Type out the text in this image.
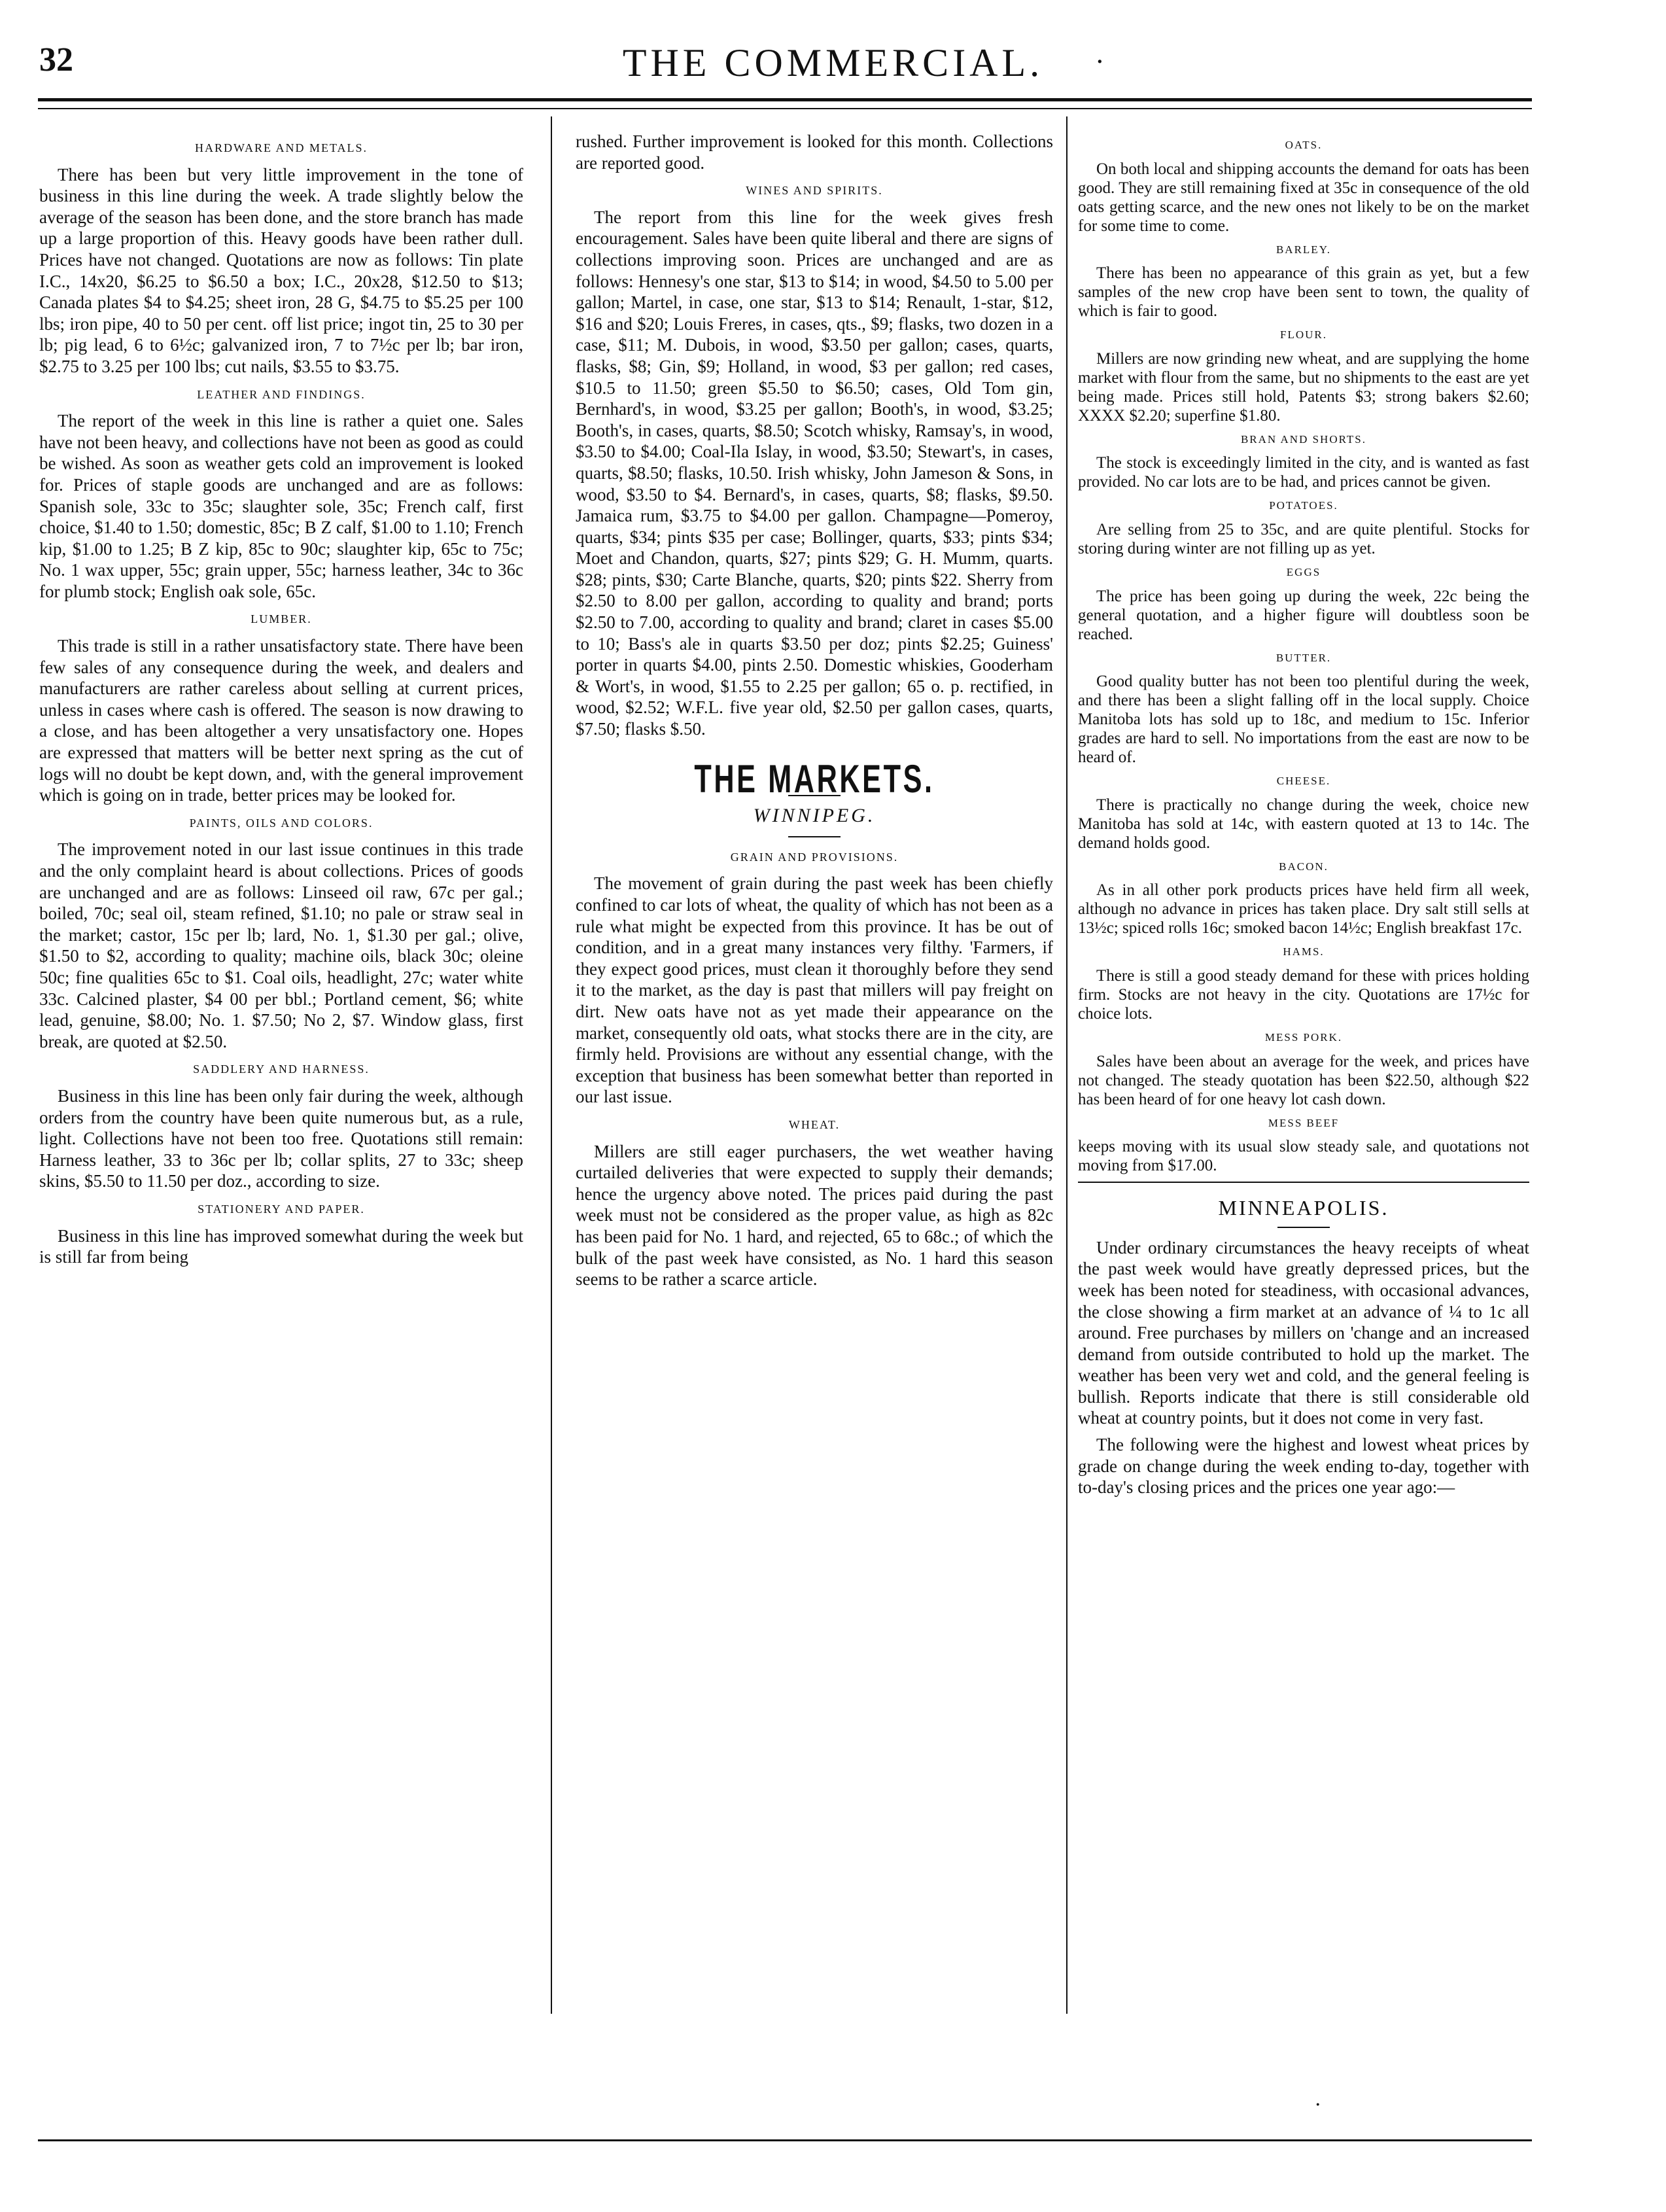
32	THE COMMERCIAL.	·
HARDWARE AND METALS.

There has been but very little improvement in the tone of business in this line during the week. A trade slightly below the average of the season has been done, and the store branch has made up a large proportion of this. Heavy goods have been rather dull. Prices have not changed. Quotations are now as follows: Tin plate I.C., 14x20, $6.25 to $6.50 a box; I.C., 20x28, $12.50 to $13; Canada plates $4 to $4.25; sheet iron, 28 G, $4.75 to $5.25 per 100 lbs; iron pipe, 40 to 50 per cent. off list price; ingot tin, 25 to 30 per lb; pig lead, 6 to 6½c; galvanized iron, 7 to 7½c per lb; bar iron, $2.75 to 3.25 per 100 lbs; cut nails, $3.55 to $3.75.

LEATHER AND FINDINGS.

The report of the week in this line is rather a quiet one. Sales have not been heavy, and collections have not been as good as could be wished. As soon as weather gets cold an improvement is looked for. Prices of staple goods are unchanged and are as follows: Spanish sole, 33c to 35c; slaughter sole, 35c; French calf, first choice, $1.40 to 1.50; domestic, 85c; B Z calf, $1.00 to 1.10; French kip, $1.00 to 1.25; B Z kip, 85c to 90c; slaughter kip, 65c to 75c; No. 1 wax upper, 55c; grain upper, 55c; harness leather, 34c to 36c for plumb stock; English oak sole, 65c.

LUMBER.

This trade is still in a rather unsatisfactory state. There have been few sales of any consequence during the week, and dealers and manufacturers are rather careless about selling at current prices, unless in cases where cash is offered. The season is now drawing to a close, and has been altogether a very unsatisfactory one. Hopes are expressed that matters will be better next spring as the cut of logs will no doubt be kept down, and, with the general improvement which is going on in trade, better prices may be looked for.

PAINTS, OILS AND COLORS.

The improvement noted in our last issue continues in this trade and the only complaint heard is about collections. Prices of goods are unchanged and are as follows: Linseed oil raw, 67c per gal.; boiled, 70c; seal oil, steam refined, $1.10; no pale or straw seal in the market; castor, 15c per lb; lard, No. 1, $1.30 per gal.; olive, $1.50 to $2, according to quality; machine oils, black 30c; oleine 50c; fine qualities 65c to $1. Coal oils, headlight, 27c; water white 33c. Calcined plaster, $4 00 per bbl.; Portland cement, $6; white lead, genuine, $8.00; No. 1. $7.50; No 2, $7. Window glass, first break, are quoted at $2.50.

SADDLERY AND HARNESS.

Business in this line has been only fair during the week, although orders from the country have been quite numerous but, as a rule, light. Collections have not been too free. Quotations still remain: Harness leather, 33 to 36c per lb; collar splits, 27 to 33c; sheep skins, $5.50 to 11.50 per doz., according to size.

STATIONERY AND PAPER.

Business in this line has improved somewhat during the week but is still far from being

rushed. Further improvement is looked for this month. Collections are reported good.

WINES AND SPIRITS.

The report from this line for the week gives fresh encouragement. Sales have been quite liberal and there are signs of collections improving soon. Prices are unchanged and are as follows: Hennesy's one star, $13 to $14; in wood, $4.50 to 5.00 per gallon; Martel, in case, one star, $13 to $14; Renault, 1-star, $12, $16 and $20; Louis Freres, in cases, qts., $9; flasks, two dozen in a case, $11; M. Dubois, in wood, $3.50 per gallon; cases, quarts, flasks, $8; Gin, $9; Holland, in wood, $3 per gallon; red cases, $10.5 to 11.50; green $5.50 to $6.50; cases, Old Tom gin, Bernhard's, in wood, $3.25 per gallon; Booth's, in wood, $3.25; Booth's, in cases, quarts, $8.50; Scotch whisky, Ramsay's, in wood, $3.50 to $4.00; Coal-Ila Islay, in wood, $3.50; Stewart's, in cases, quarts, $8.50; flasks, 10.50. Irish whisky, John Jameson & Sons, in wood, $3.50 to $4. Bernard's, in cases, quarts, $8; flasks, $9.50. Jamaica rum, $3.75 to $4.00 per gallon. Champagne—Pomeroy, quarts, $34; pints $35 per case; Bollinger, quarts, $33; pints $34; Moet and Chandon, quarts, $27; pints $29; G. H. Mumm, quarts. $28; pints, $30; Carte Blanche, quarts, $20; pints $22. Sherry from $2.50 to 8.00 per gallon, according to quality and brand; ports $2.50 to 7.00, according to quality and brand; claret in cases $5.00 to 10; Bass's ale in quarts $3.50 per doz; pints $2.25; Guiness' porter in quarts $4.00, pints 2.50. Domestic whiskies, Gooderham & Wort's, in wood, $1.55 to 2.25 per gallon; 65 o. p. rectified, in wood, $2.52; W.F.L. five year old, $2.50 per gallon cases, quarts, $7.50; flasks $.50.

THE MARKETS.
WINNIPEG.
GRAIN AND PROVISIONS.

The movement of grain during the past week has been chiefly confined to car lots of wheat, the quality of which has not been as a rule what might be expected from this province. It has be out of condition, and in a great many instances very filthy. 'Farmers, if they expect good prices, must clean it thoroughly before they send it to the market, as the day is past that millers will pay freight on dirt. New oats have not as yet made their appearance on the market, consequently old oats, what stocks there are in the city, are firmly held. Provisions are without any essential change, with the exception that business has been somewhat better than reported in our last issue.

WHEAT.

Millers are still eager purchasers, the wet weather having curtailed deliveries that were expected to supply their demands; hence the urgency above noted. The prices paid during the past week must not be considered as the proper value, as high as 82c has been paid for No. 1 hard, and rejected, 65 to 68c.; of which the bulk of the past week have consisted, as No. 1 hard this season seems to be rather a scarce article.

OATS.

On both local and shipping accounts the demand for oats has been good. They are still remaining fixed at 35c in consequence of the old oats getting scarce, and the new ones not likely to be on the market for some time to come.

BARLEY.

There has been no appearance of this grain as yet, but a few samples of the new crop have been sent to town, the quality of which is fair to good.

FLOUR.

Millers are now grinding new wheat, and are supplying the home market with flour from the same, but no shipments to the east are yet being made. Prices still hold, Patents $3; strong bakers $2.60; XXXX $2.20; superfine $1.80.

BRAN AND SHORTS.

The stock is exceedingly limited in the city, and is wanted as fast provided. No car lots are to be had, and prices cannot be given.

POTATOES.

Are selling from 25 to 35c, and are quite plentiful. Stocks for storing during winter are not filling up as yet.

EGGS

The price has been going up during the week, 22c being the general quotation, and a higher figure will doubtless soon be reached.

BUTTER.

Good quality butter has not been too plentiful during the week, and there has been a slight falling off in the local supply. Choice Manitoba lots has sold up to 18c, and medium to 15c. Inferior grades are hard to sell. No importations from the east are now to be heard of.

CHEESE.

There is practically no change during the week, choice new Manitoba has sold at 14c, with eastern quoted at 13 to 14c. The demand holds good.

BACON.

As in all other pork products prices have held firm all week, although no advance in prices has taken place. Dry salt still sells at 13½c; spiced rolls 16c; smoked bacon 14½c; English breakfast 17c.

HAMS.

There is still a good steady demand for these with prices holding firm. Stocks are not heavy in the city. Quotations are 17½c for choice lots.

MESS PORK.

Sales have been about an average for the week, and prices have not changed. The steady quotation has been $22.50, although $22 has been heard of for one heavy lot cash down.

MESS BEEF

keeps moving with its usual slow steady sale, and quotations not moving from $17.00.

MINNEAPOLIS.

Under ordinary circumstances the heavy receipts of wheat the past week would have greatly depressed prices, but the week has been noted for steadiness, with occasional advances, the close showing a firm market at an advance of ¼ to 1c all around. Free purchases by millers on 'change and an increased demand from outside contributed to hold up the market. The weather has been very wet and cold, and the general feeling is bullish. Reports indicate that there is still considerable old wheat at country points, but it does not come in very fast.

The following were the highest and lowest wheat prices by grade on change during the week ending to-day, together with to-day's closing prices and the prices one year ago:—

·
